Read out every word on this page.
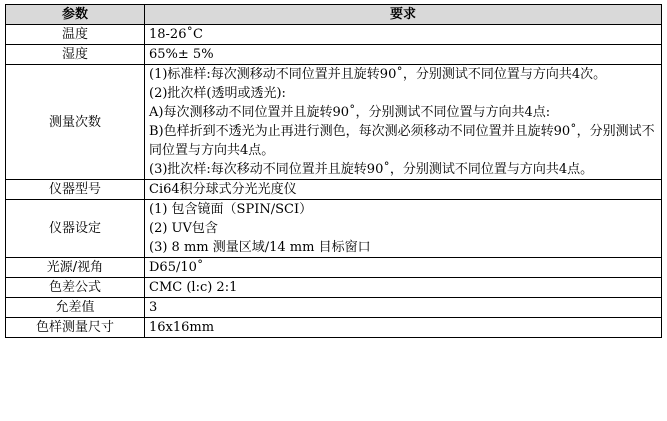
参数	要求
温度	18-26˚C

湿度	65%± 5%

测量次数	(1)标准样:每次测移动不同位置并且旋转90˚，分别测试不同位置与方向共4次。
(2)批次样(透明或透光):
A)每次测移动不同位置并且旋转90˚，分别测试不同位置与方向共4点:
B)色样折到不透光为止再进行测色，每次测必须移动不同位置并且旋转90˚，分别测试不同位置与方向共4点。
(3)批次样:每次移动不同位置并且旋转90˚，分别测试不同位置与方向共4点。

仪器型号	Ci64积分球式分光光度仪

仪器设定	(1) 包含镜面（SPIN/SCI）
(2) UV包含
(3) 8 mm 测量区域/14 mm 目标窗口

光源/视角	D65/10˚

色差公式	CMC (l:c) 2:1

允差值	3

色样测量尺寸	16x16mm
